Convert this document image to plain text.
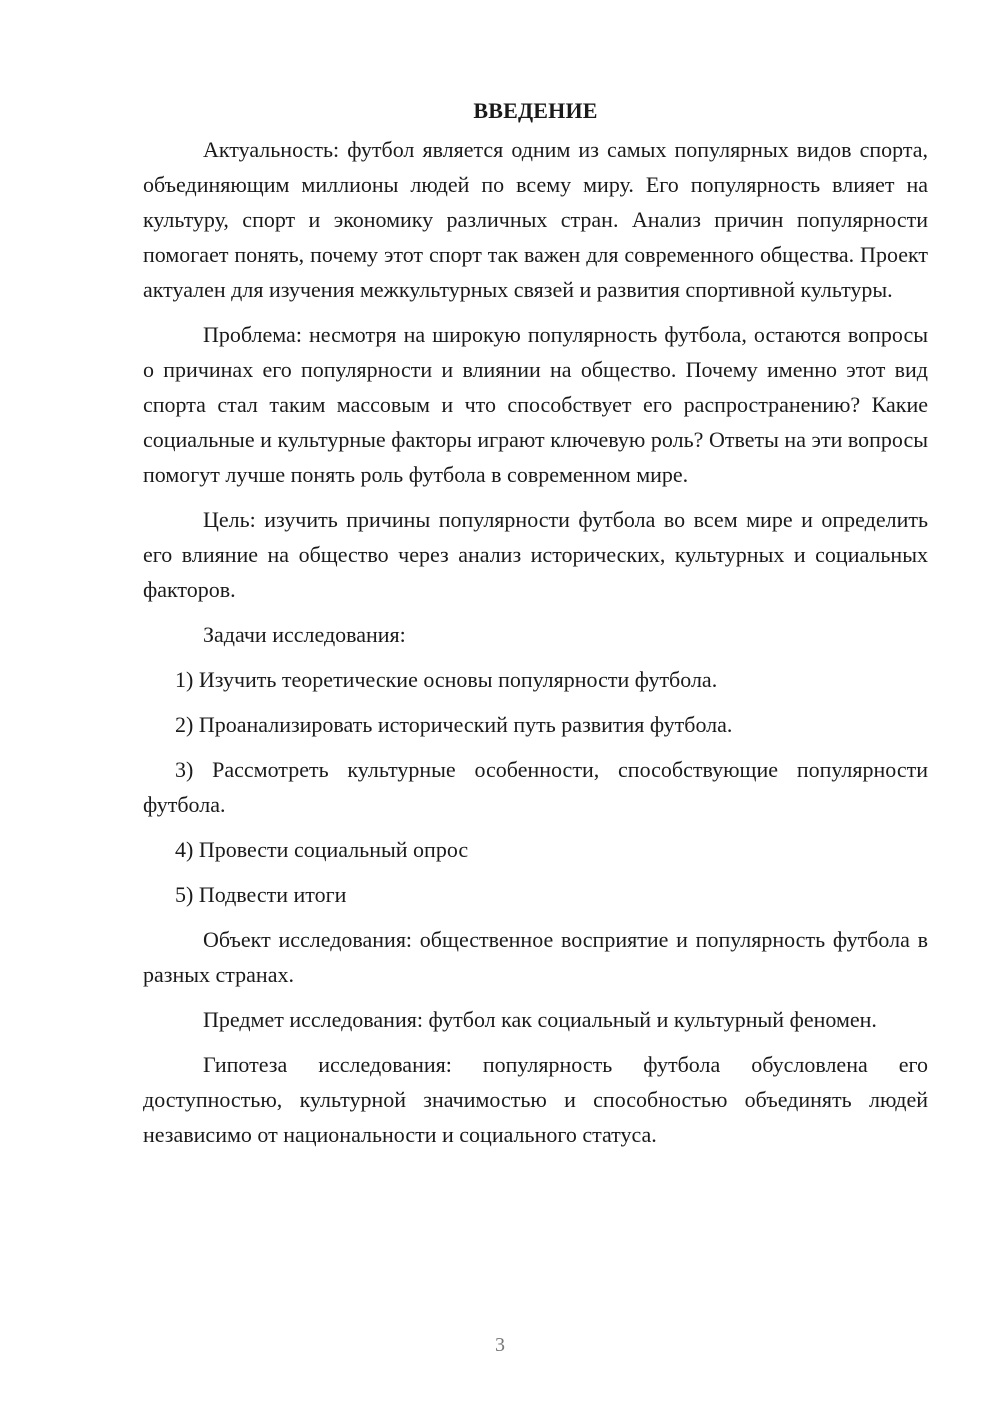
ВВЕДЕНИЕ

Актуальность: футбол является одним из самых популярных видов спорта, объединяющим миллионы людей по всему миру. Его популярность влияет на культуру, спорт и экономику различных стран. Анализ причин популярности помогает понять, почему этот спорт так важен для современного общества. Проект актуален для изучения межкультурных связей и развития спортивной культуры.

Проблема: несмотря на широкую популярность футбола, остаются вопросы о причинах его популярности и влиянии на общество. Почему именно этот вид спорта стал таким массовым и что способствует его распространению? Какие социальные и культурные факторы играют ключевую роль? Ответы на эти вопросы помогут лучше понять роль футбола в современном мире.

Цель: изучить причины популярности футбола во всем мире и определить его влияние на общество через анализ исторических, культурных и социальных факторов.

Задачи исследования:

1) Изучить теоретические основы популярности футбола.

2) Проанализировать исторический путь развития футбола.

3) Рассмотреть культурные особенности, способствующие популярности футбола.

4) Провести социальный опрос

5) Подвести итоги

Объект исследования: общественное восприятие и популярность футбола в разных странах.

Предмет исследования: футбол как социальный и культурный феномен.

Гипотеза исследования: популярность футбола обусловлена его доступностью, культурной значимостью и способностью объединять людей независимо от национальности и социального статуса.

3
